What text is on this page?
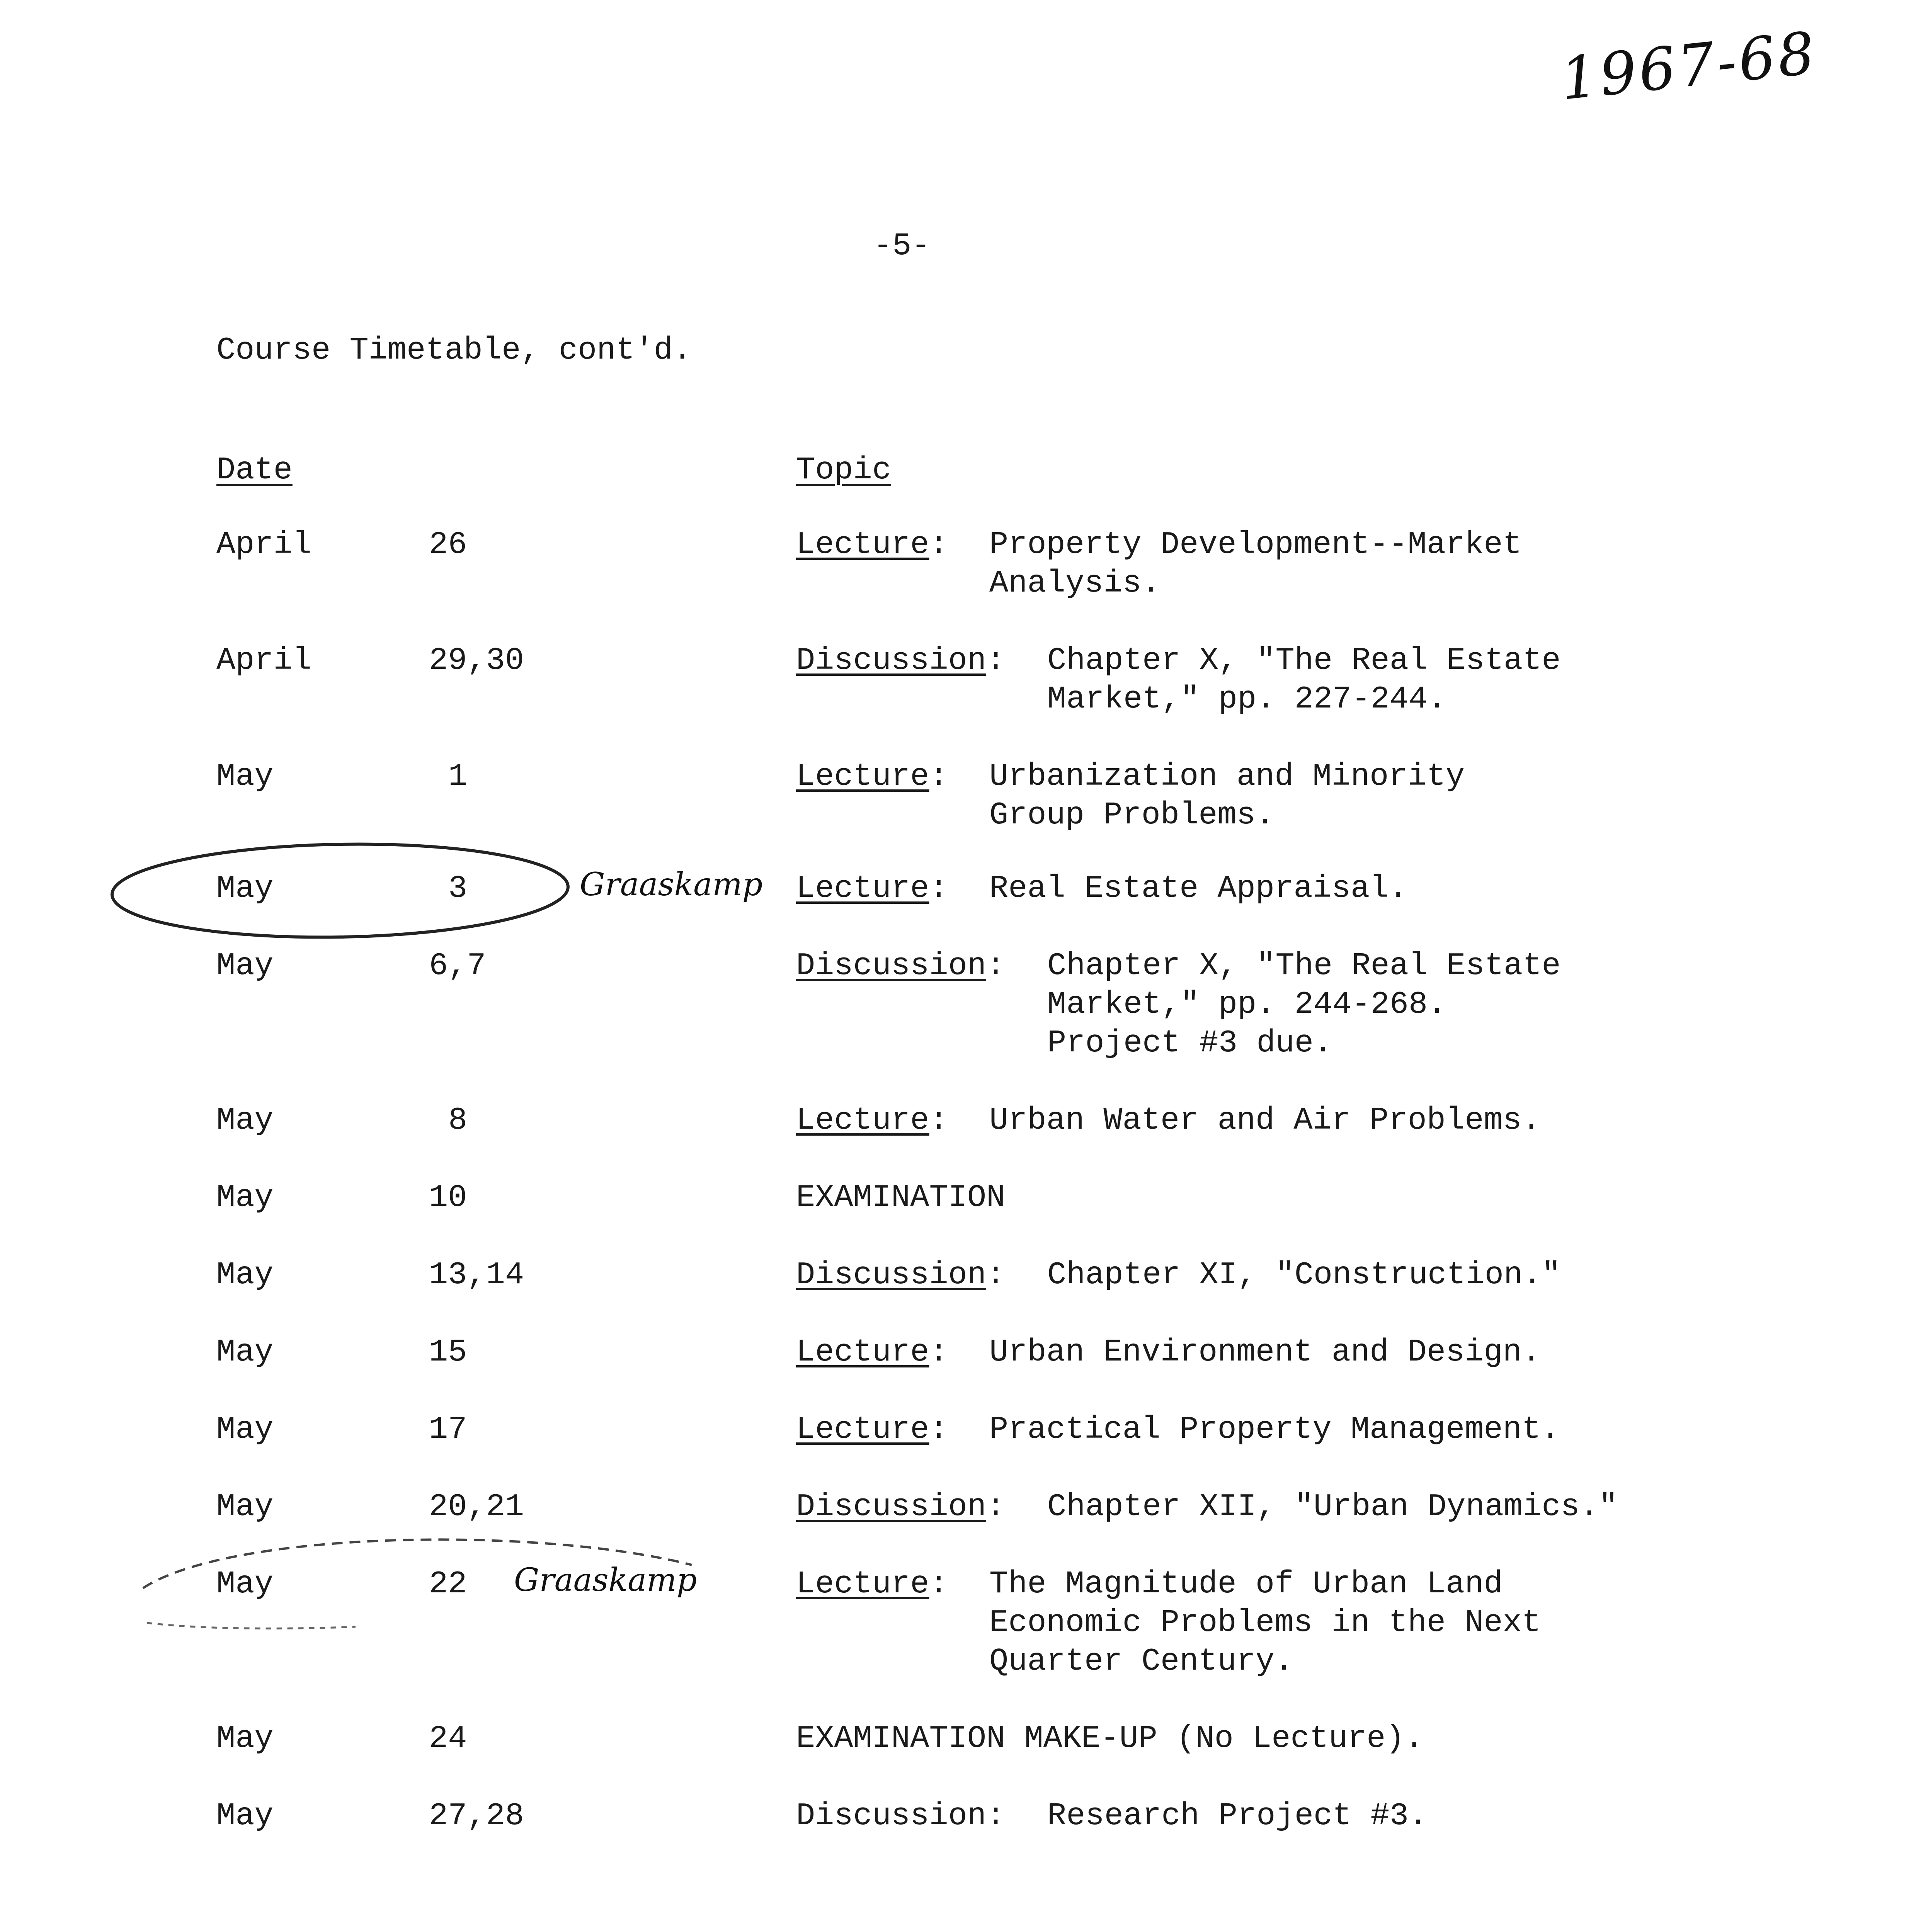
1967-68
-5-
Course Timetable, cont'd.
Date	Topic
April	26	Lecture: Property Development--Market
Analysis.
April	29,30	Discussion: Chapter X, "The Real Estate
Market," pp. 227-244.
May	1	Lecture: Urbanization and Minority
Group Problems.
May	3	Lecture: Real Estate Appraisal.
Graaskamp
May	6,7	Discussion: Chapter X, "The Real Estate
Market," pp. 244-268.
Project #3 due.
May	8	Lecture: Urban Water and Air Problems.
May	10	EXAMINATION
May	13,14	Discussion: Chapter XI, "Construction."
May	15	Lecture: Urban Environment and Design.
May	17	Lecture: Practical Property Management.
May	20,21	Discussion: Chapter XII, "Urban Dynamics."
May	22	Lecture: The Magnitude of Urban Land
Economic Problems in the Next
Quarter Century.
Graaskamp
May	24	EXAMINATION MAKE-UP (No Lecture).
May	27,28	Discussion: Research Project #3.
